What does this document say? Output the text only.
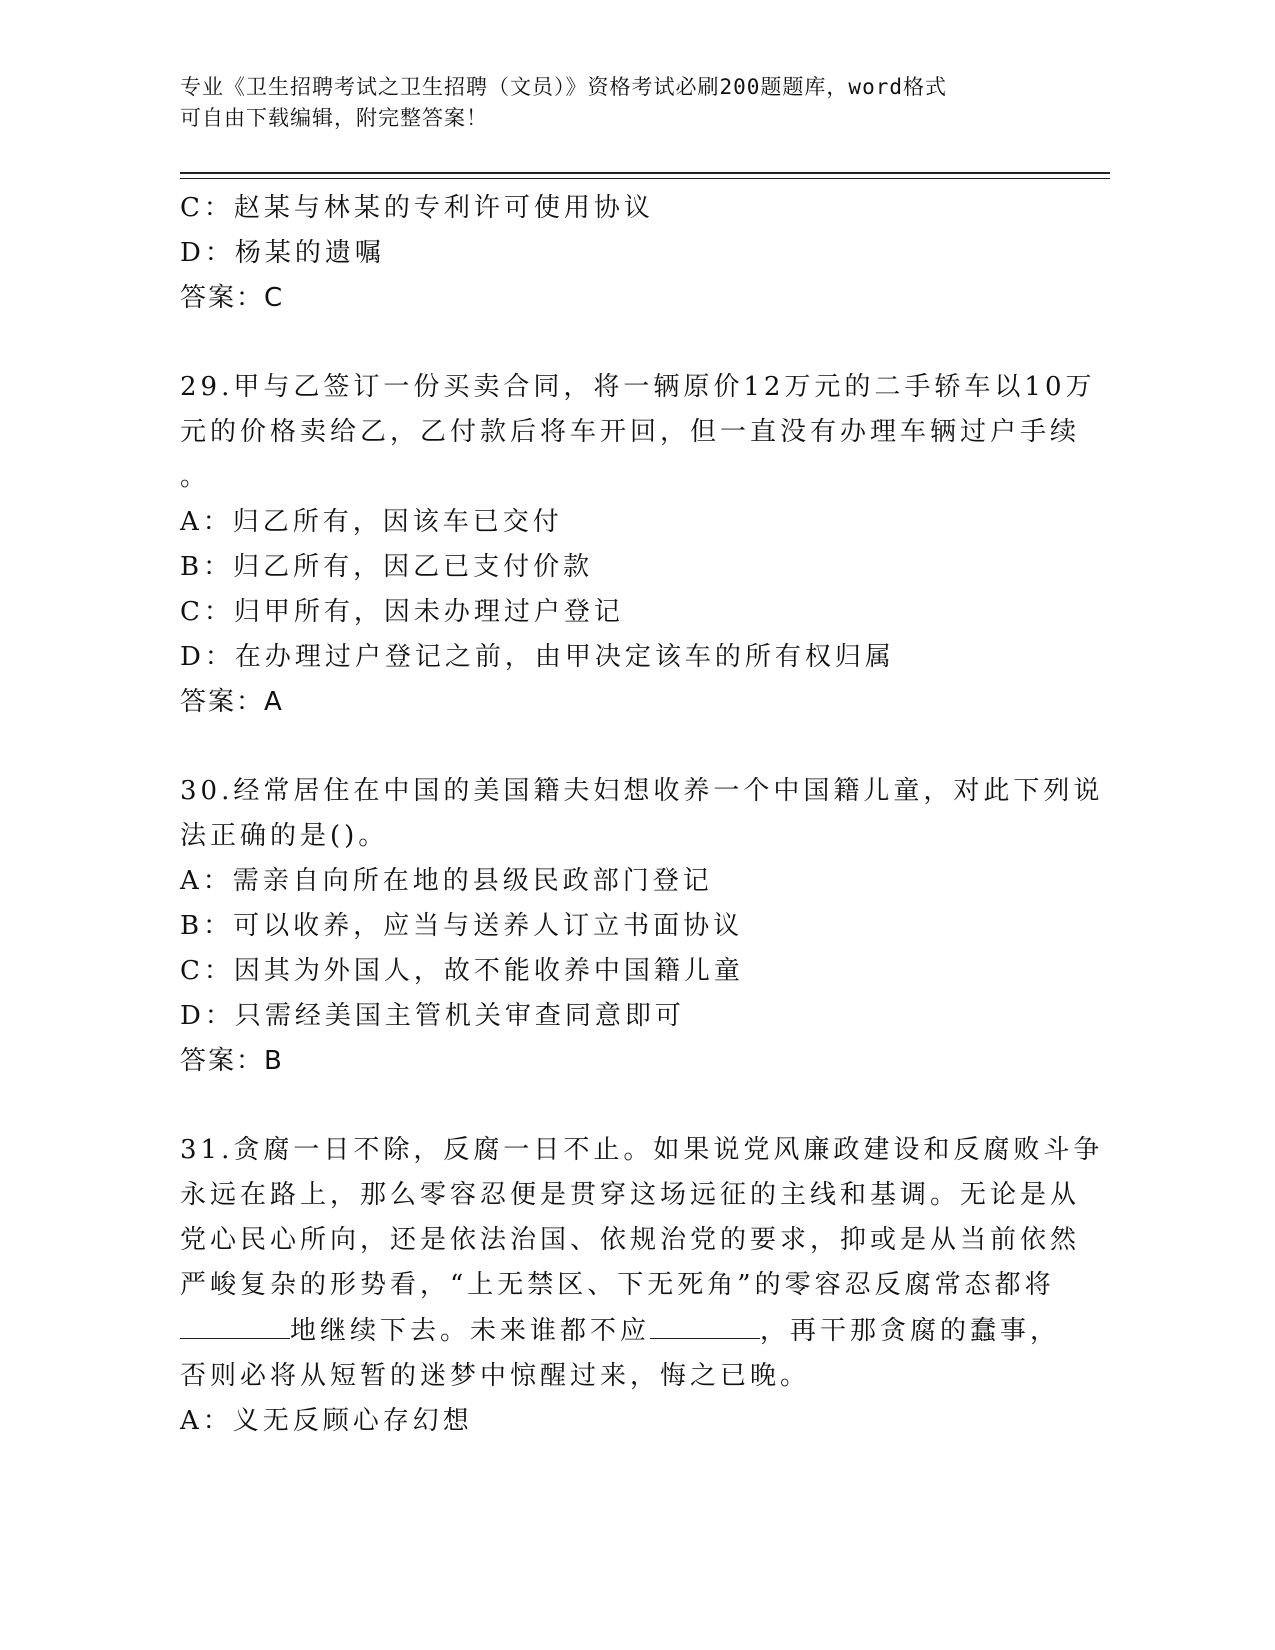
专业《卫生招聘考试之卫生招聘（文员）》资格考试必刷200题题库，word格式
可自由下载编辑，附完整答案！
C：赵某与林某的专利许可使用协议
D：杨某的遗嘱
答案：C
29.甲与乙签订一份买卖合同，将一辆原价12万元的二手轿车以10万
元的价格卖给乙，乙付款后将车开回，但一直没有办理车辆过户手续
。
A：归乙所有，因该车已交付
B：归乙所有，因乙已支付价款
C：归甲所有，因未办理过户登记
D：在办理过户登记之前，由甲决定该车的所有权归属
答案：A
30.经常居住在中国的美国籍夫妇想收养一个中国籍儿童，对此下列说
法正确的是()。
A：需亲自向所在地的县级民政部门登记
B：可以收养，应当与送养人订立书面协议
C：因其为外国人，故不能收养中国籍儿童
D：只需经美国主管机关审查同意即可
答案：B
31.贪腐一日不除，反腐一日不止。如果说党风廉政建设和反腐败斗争
永远在路上，那么零容忍便是贯穿这场远征的主线和基调。无论是从
党心民心所向，还是依法治国、依规治党的要求，抑或是从当前依然
严峻复杂的形势看，“上无禁区、下无死角”的零容忍反腐常态都将
地继续下去。未来谁都不应	，再干那贪腐的蠢事，
否则必将从短暂的迷梦中惊醒过来，悔之已晚。
A：义无反顾心存幻想
